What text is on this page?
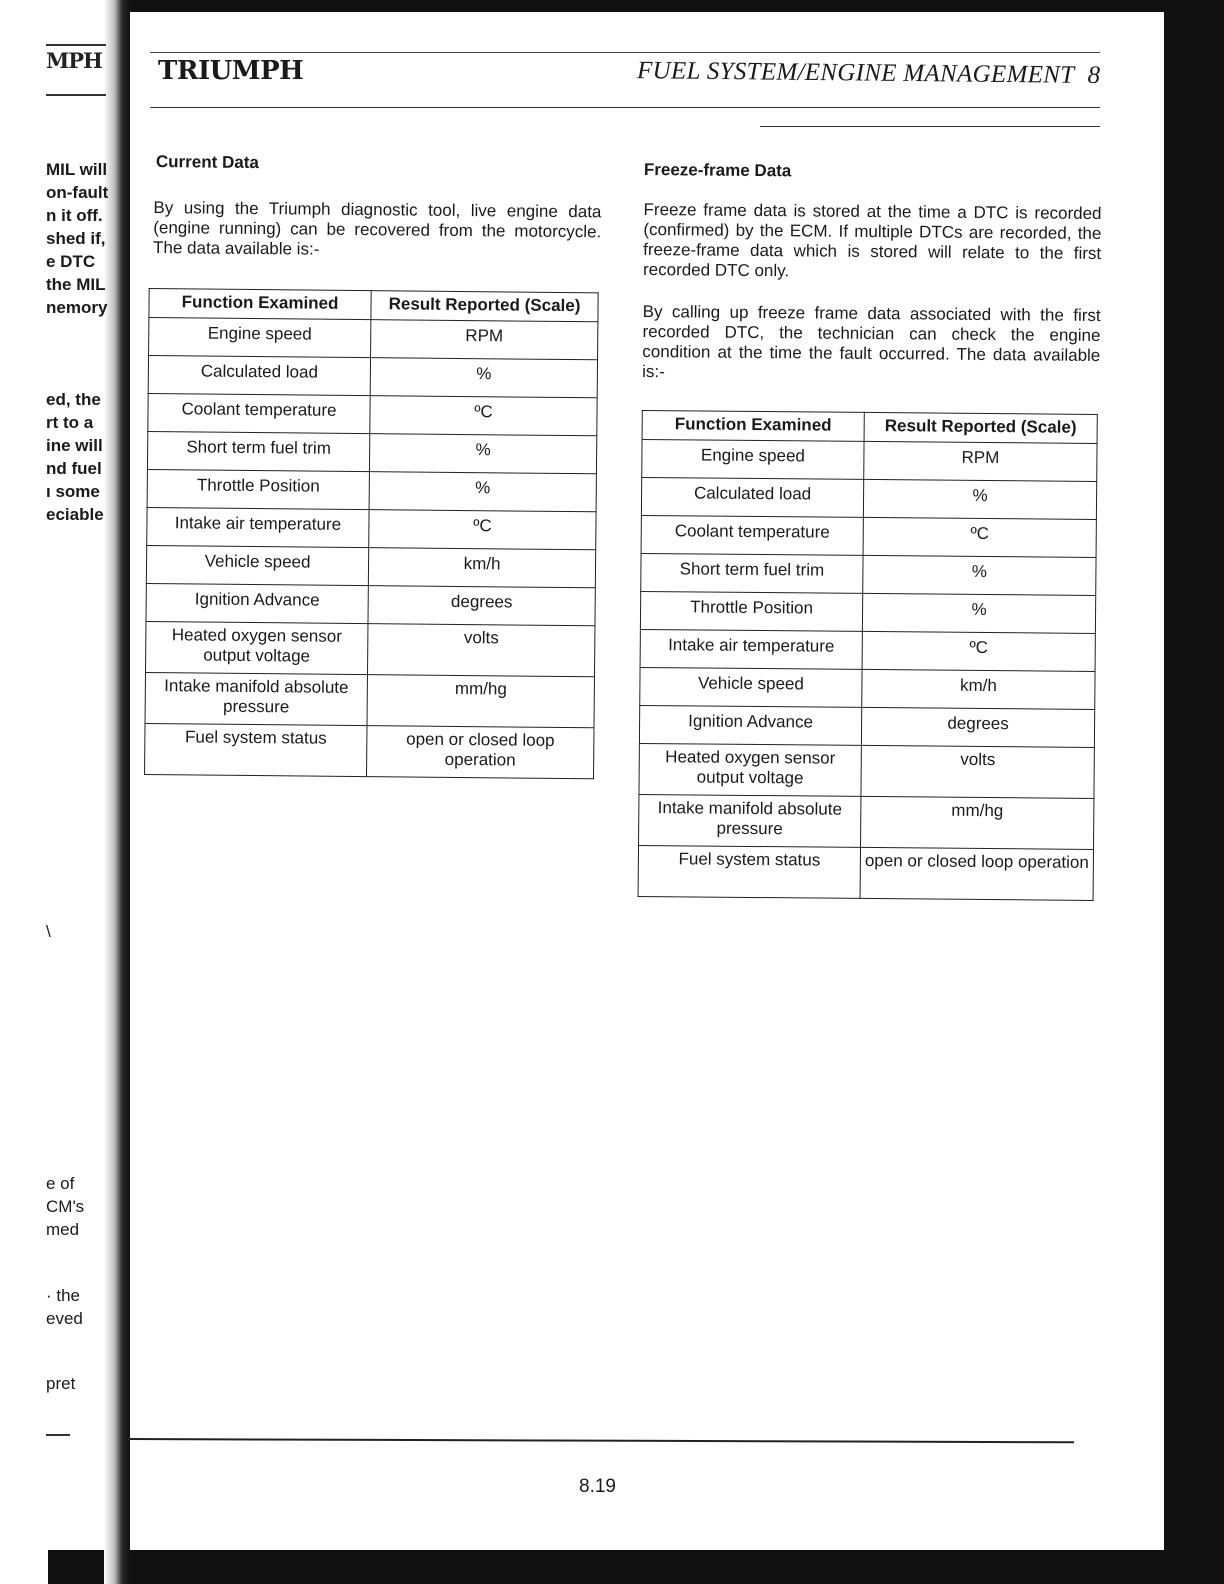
MPH
MIL will
on-fault
n it off.
shed if,
e DTC
the MIL
nemory
ed, the
rt to a
ine will
nd fuel
ı some
eciable
\
e of
CM's
med
· the
eved
pret
TRIUMPH	FUEL SYSTEM/ENGINE MANAGEMENT 8
Current Data

By using the Triumph diagnostic tool, live engine data (engine running) can be recovered from the motorcycle. The data available is:-

Function Examined	Result Reported (Scale)
Engine speed	RPM
Calculated load	%
Coolant temperature	ºC
Short term fuel trim	%
Throttle Position	%
Intake air temperature	ºC
Vehicle speed	km/h
Ignition Advance	degrees
Heated oxygen sensor output voltage	volts
Intake manifold absolute pressure	mm/hg
Fuel system status	open or closed loop operation
Freeze-frame Data

Freeze frame data is stored at the time a DTC is recorded (confirmed) by the ECM. If multiple DTCs are recorded, the freeze-frame data which is stored will relate to the first recorded DTC only.

By calling up freeze frame data associated with the first recorded DTC, the technician can check the engine condition at the time the fault occurred. The data available is:-

Function Examined	Result Reported (Scale)
Engine speed	RPM
Calculated load	%
Coolant temperature	ºC
Short term fuel trim	%
Throttle Position	%
Intake air temperature	ºC
Vehicle speed	km/h
Ignition Advance	degrees
Heated oxygen sensor output voltage	volts
Intake manifold absolute pressure	mm/hg
Fuel system status	open or closed loop operation
8.19
